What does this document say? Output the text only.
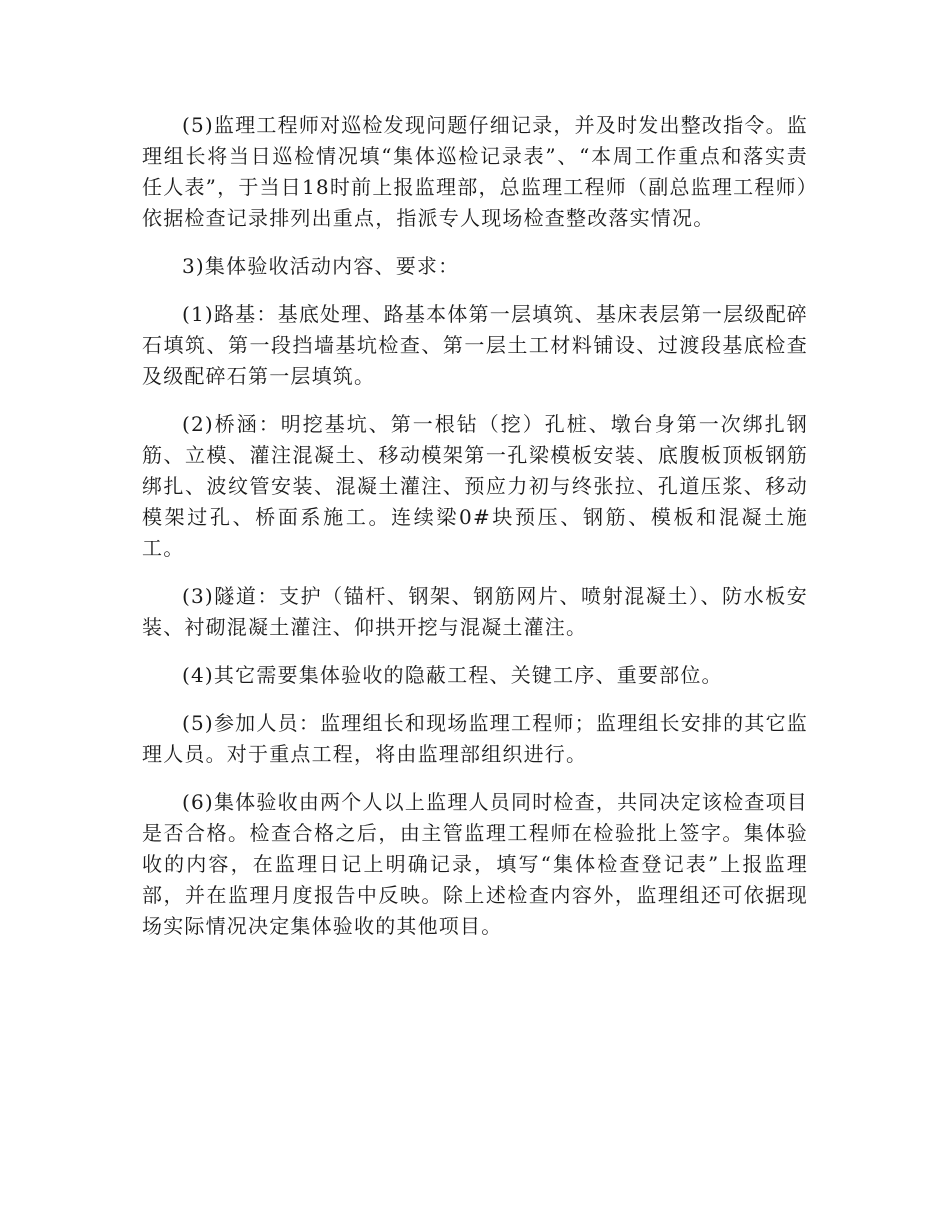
(5)监理工程师对巡检发现问题仔细记录，并及时发出整改指令。监理组长将当日巡检情况填“集体巡检记录表”、“本周工作重点和落实责任人表”，于当日18时前上报监理部，总监理工程师（副总监理工程师）依据检查记录排列出重点，指派专人现场检查整改落实情况。

3)集体验收活动内容、要求：

(1)路基：基底处理、路基本体第一层填筑、基床表层第一层级配碎石填筑、第一段挡墙基坑检查、第一层土工材料铺设、过渡段基底检查及级配碎石第一层填筑。

(2)桥涵：明挖基坑、第一根钻（挖）孔桩、墩台身第一次绑扎钢筋、立模、灌注混凝土、移动模架第一孔梁模板安装、底腹板顶板钢筋绑扎、波纹管安装、混凝土灌注、预应力初与终张拉、孔道压浆、移动模架过孔、桥面系施工。连续梁0#块预压、钢筋、模板和混凝土施工。

(3)隧道：支护（锚杆、钢架、钢筋网片、喷射混凝土）、防水板安装、衬砌混凝土灌注、仰拱开挖与混凝土灌注。

(4)其它需要集体验收的隐蔽工程、关键工序、重要部位。

(5)参加人员：监理组长和现场监理工程师；监理组长安排的其它监理人员。对于重点工程，将由监理部组织进行。

(6)集体验收由两个人以上监理人员同时检查，共同决定该检查项目是否合格。检查合格之后，由主管监理工程师在检验批上签字。集体验收的内容，在监理日记上明确记录，填写“集体检查登记表”上报监理部，并在监理月度报告中反映。除上述检查内容外，监理组还可依据现场实际情况决定集体验收的其他项目。
